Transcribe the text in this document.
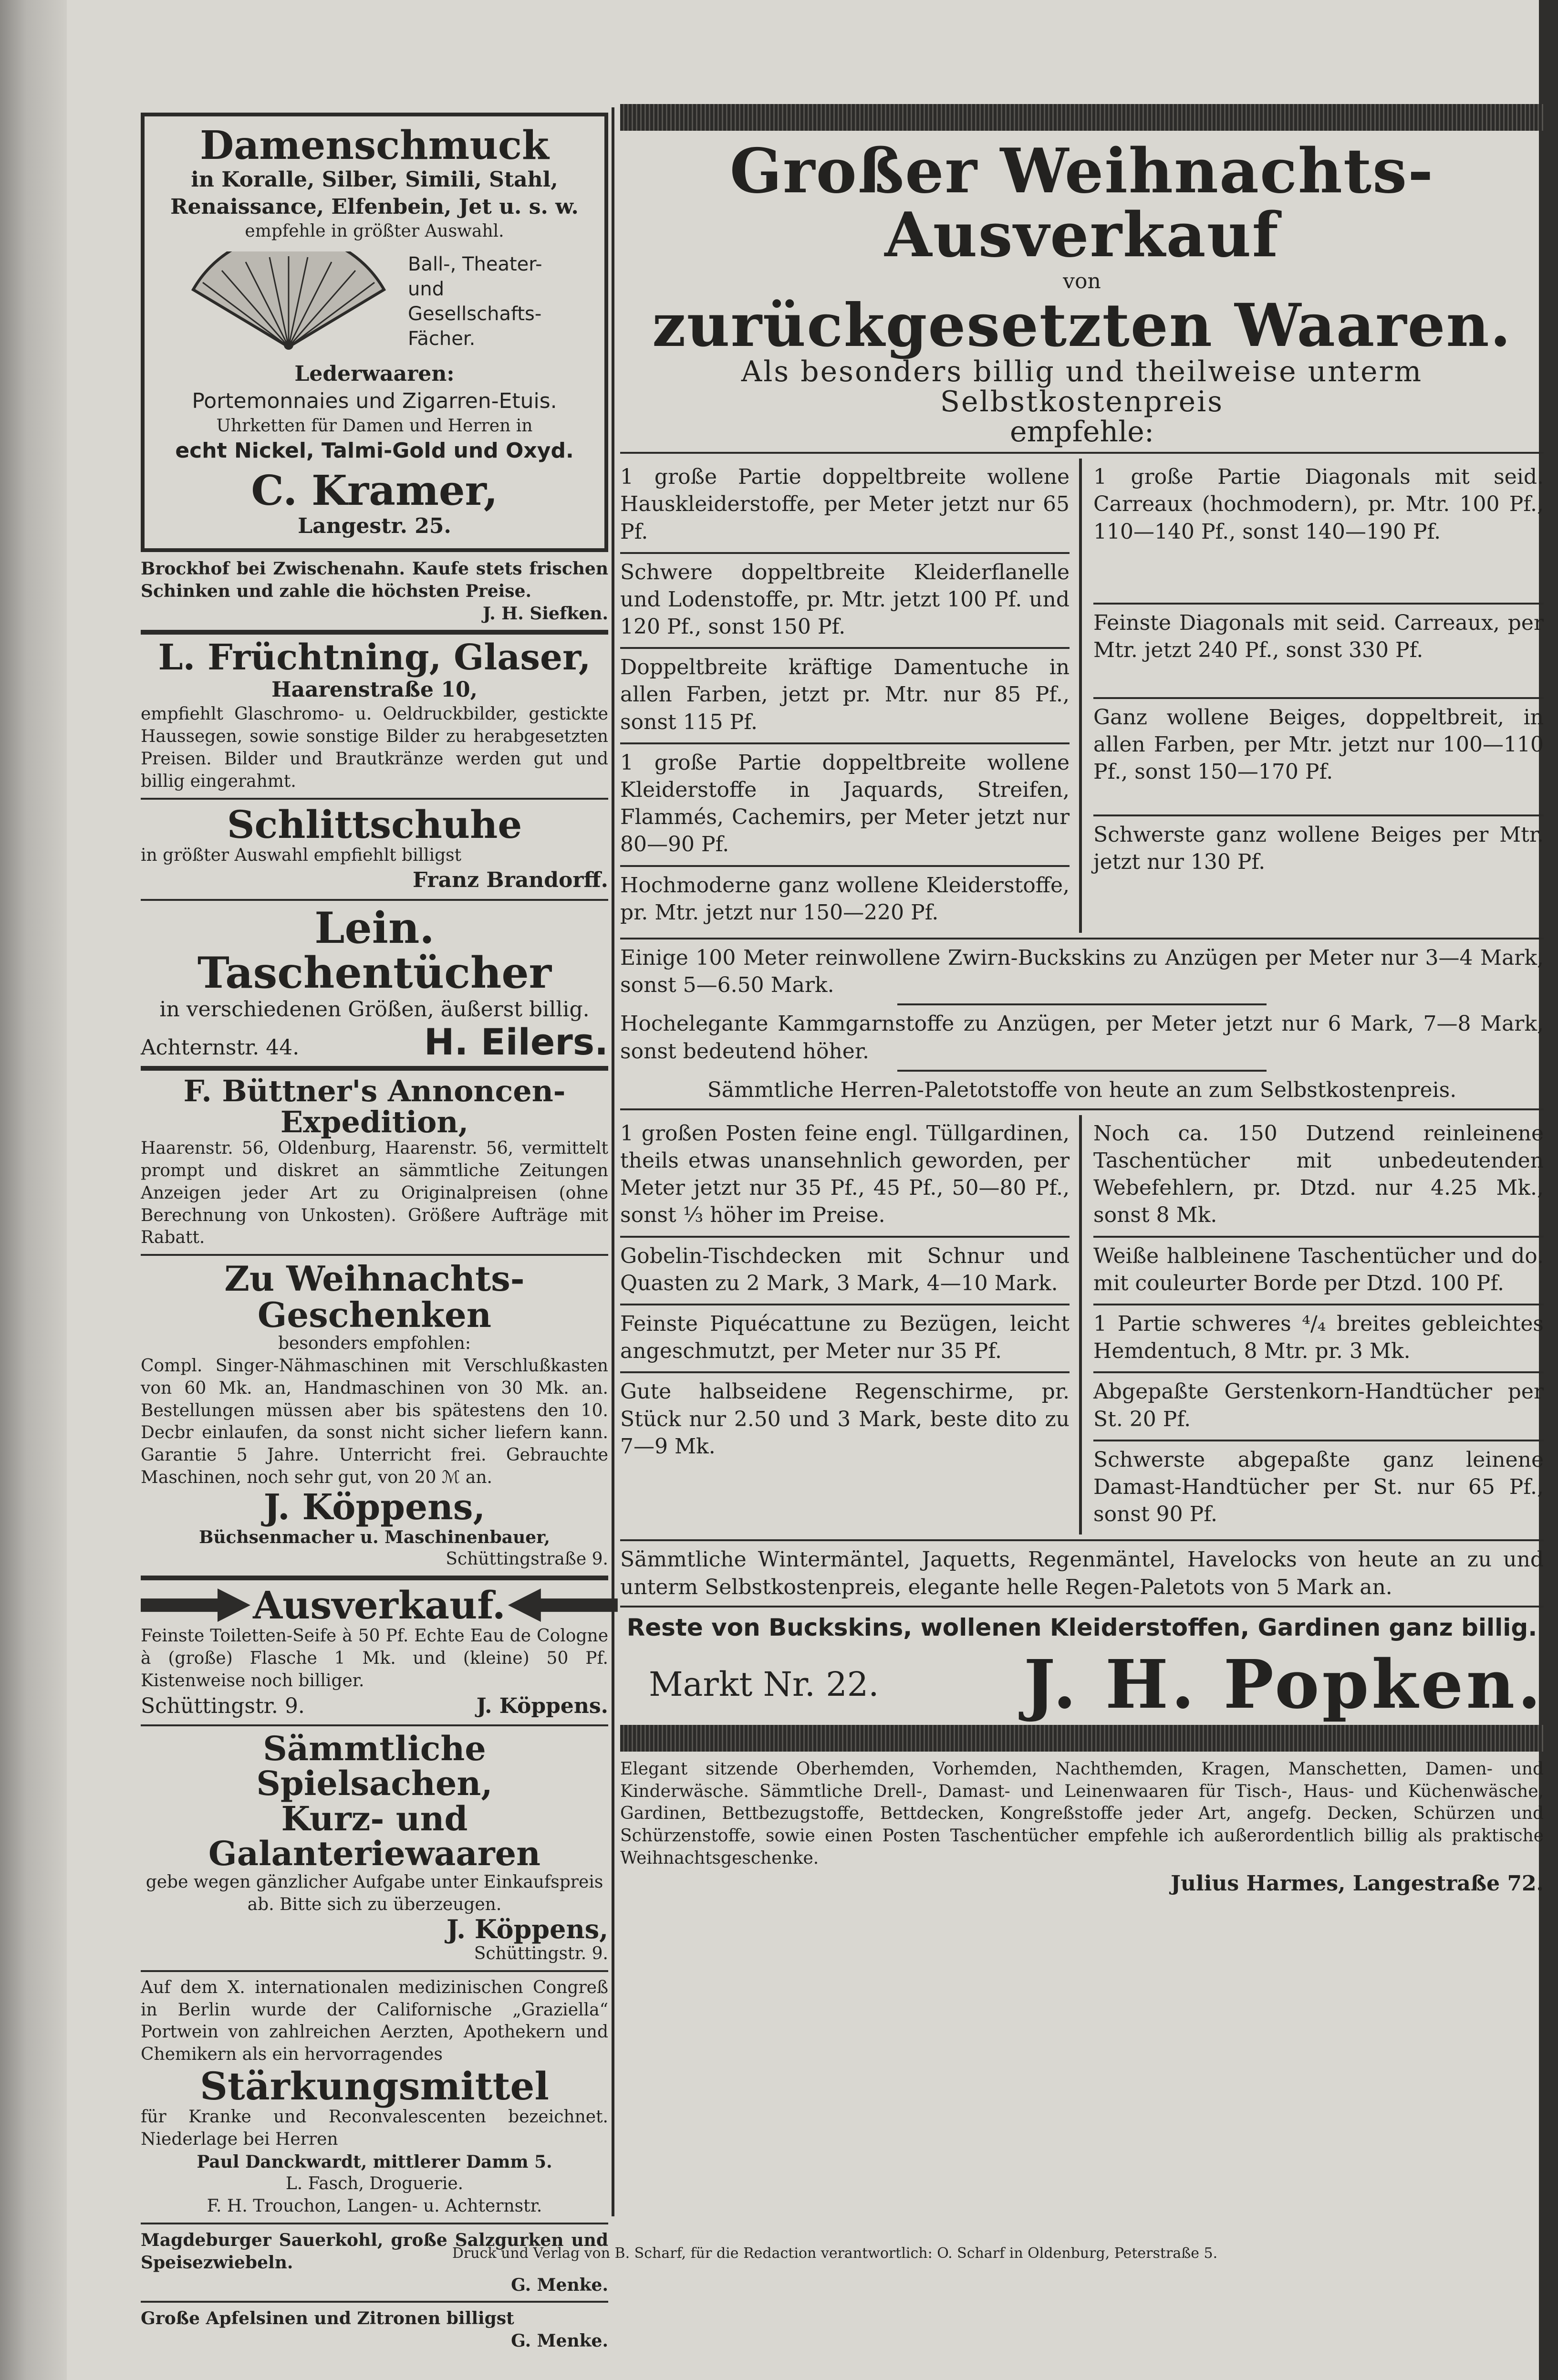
Damenschmuck
in Koralle, Silber, Simili, Stahl,
Renaissance, Elfenbein, Jet u. s. w.
empfehle in größter Auswahl.
Ball-, Theater- und Gesellschafts-Fächer.
Lederwaaren:
Portemonnaies und Zigarren-Etuis.
Uhrketten für Damen und Herren in
echt Nickel, Talmi-Gold und Oxyd.
C. Kramer,
Langestr. 25.
Brockhof bei Zwischenahn. Kaufe stets frischen Schinken und zahle die höchsten Preise.
J. H. Siefken.
L. Früchtning, Glaser,
Haarenstraße 10,
empfiehlt Glaschromo- u. Oeldruckbilder, gestickte Haussegen, sowie sonstige Bilder zu herabgesetzten Preisen. Bilder und Brautkränze werden gut und billig eingerahmt.
Schlittschuhe
in größter Auswahl empfiehlt billigst
Franz Brandorff.
Lein. Taschentücher
in verschiedenen Größen, äußerst billig.
Achternstr. 44.	H. Eilers.
F. Büttner's Annoncen-Expedition,
Haarenstr. 56, Oldenburg, Haarenstr. 56, vermittelt prompt und diskret an sämmtliche Zeitungen Anzeigen jeder Art zu Originalpreisen (ohne Berechnung von Unkosten). Größere Aufträge mit Rabatt.
Zu Weihnachts-Geschenken
besonders empfohlen:
Compl. Singer-Nähmaschinen mit Verschlußkasten von 60 Mk. an, Handmaschinen von 30 Mk. an. Bestellungen müssen aber bis spätestens den 10. Decbr einlaufen, da sonst nicht sicher liefern kann. Garantie 5 Jahre. Unterricht frei. Gebrauchte Maschinen, noch sehr gut, von 20 ℳ an.
J. Köppens,
Büchsenmacher u. Maschinenbauer,
Schüttingstraße 9.
Ausverkauf.
Feinste Toiletten-Seife à 50 Pf. Echte Eau de Cologne à (große) Flasche 1 Mk. und (kleine) 50 Pf. Kistenweise noch billiger.
Schüttingstr. 9.	J. Köppens.
Sämmtliche Spielsachen,
Kurz- und Galanteriewaaren
gebe wegen gänzlicher Aufgabe unter Einkaufspreis ab. Bitte sich zu überzeugen.
J. Köppens,
Schüttingstr. 9.
Auf dem X. internationalen medizinischen Congreß in Berlin wurde der Californische „Graziella“ Portwein von zahlreichen Aerzten, Apothekern und Chemikern als ein hervorragendes
Stärkungsmittel
für Kranke und Reconvalescenten bezeichnet. Niederlage bei Herren
Paul Danckwardt, mittlerer Damm 5.
L. Fasch, Droguerie.
F. H. Trouchon, Langen- u. Achternstr.
Magdeburger Sauerkohl, große Salzgurken und Speisezwiebeln.
G. Menke.
Große Apfelsinen und Zitronen billigst
G. Menke.
Großer Weihnachts-Ausverkauf
von
zurückgesetzten Waaren.
Als besonders billig und theilweise unterm Selbstkostenpreis
empfehle:
1 große Partie doppeltbreite wollene Hauskleiderstoffe, per Meter jetzt nur 65 Pf.
Schwere doppeltbreite Kleiderflanelle und Lodenstoffe, pr. Mtr. jetzt 100 Pf. und 120 Pf., sonst 150 Pf.
Doppeltbreite kräftige Damentuche in allen Farben, jetzt pr. Mtr. nur 85 Pf., sonst 115 Pf.
1 große Partie doppeltbreite wollene Kleiderstoffe in Jaquards, Streifen, Flammés, Cachemirs, per Meter jetzt nur 80—90 Pf.
Hochmoderne ganz wollene Kleiderstoffe, pr. Mtr. jetzt nur 150—220 Pf.
1 große Partie Diagonals mit seid. Carreaux (hochmodern), pr. Mtr. 100 Pf., 110—140 Pf., sonst 140—190 Pf.
Feinste Diagonals mit seid. Carreaux, per Mtr. jetzt 240 Pf., sonst 330 Pf.
Ganz wollene Beiges, doppeltbreit, in allen Farben, per Mtr. jetzt nur 100—110 Pf., sonst 150—170 Pf.
Schwerste ganz wollene Beiges per Mtr. jetzt nur 130 Pf.
Einige 100 Meter reinwollene Zwirn-Buckskins zu Anzügen per Meter nur 3—4 Mark, sonst 5—6.50 Mark.
Hochelegante Kammgarnstoffe zu Anzügen, per Meter jetzt nur 6 Mark, 7—8 Mark, sonst bedeutend höher.
Sämmtliche Herren-Paletotstoffe von heute an zum Selbstkostenpreis.
1 großen Posten feine engl. Tüllgardinen, theils etwas unansehnlich geworden, per Meter jetzt nur 35 Pf., 45 Pf., 50—80 Pf., sonst ⅓ höher im Preise.
Gobelin-Tischdecken mit Schnur und Quasten zu 2 Mark, 3 Mark, 4—10 Mark.
Feinste Piquécattune zu Bezügen, leicht angeschmutzt, per Meter nur 35 Pf.
Gute halbseidene Regenschirme, pr. Stück nur 2.50 und 3 Mark, beste dito zu 7—9 Mk.
Noch ca. 150 Dutzend reinleinene Taschentücher mit unbedeutenden Webefehlern, pr. Dtzd. nur 4.25 Mk., sonst 8 Mk.
Weiße halbleinene Taschentücher und do. mit couleurter Borde per Dtzd. 100 Pf.
1 Partie schweres ⁴/₄ breites gebleichtes Hemdentuch, 8 Mtr. pr. 3 Mk.
Abgepaßte Gerstenkorn-Handtücher per St. 20 Pf.
Schwerste abgepaßte ganz leinene Damast-Handtücher per St. nur 65 Pf., sonst 90 Pf.
Sämmtliche Wintermäntel, Jaquetts, Regenmäntel, Havelocks von heute an zu und unterm Selbstkostenpreis, elegante helle Regen-Paletots von 5 Mark an.
Reste von Buckskins, wollenen Kleiderstoffen, Gardinen ganz billig.
Markt Nr. 22. J. H. Popken.
Elegant sitzende Oberhemden, Vorhemden, Nachthemden, Kragen, Manschetten, Damen- und Kinderwäsche. Sämmtliche Drell-, Damast- und Leinenwaaren für Tisch-, Haus- und Küchenwäsche, Gardinen, Bettbezugstoffe, Bettdecken, Kongreßstoffe jeder Art, angefg. Decken, Schürzen und Schürzenstoffe, sowie einen Posten Taschentücher empfehle ich außerordentlich billig als praktische Weihnachtsgeschenke.
Julius Harmes, Langestraße 72.
Druck und Verlag von B. Scharf, für die Redaction verantwortlich: O. Scharf in Oldenburg, Peterstraße 5.
